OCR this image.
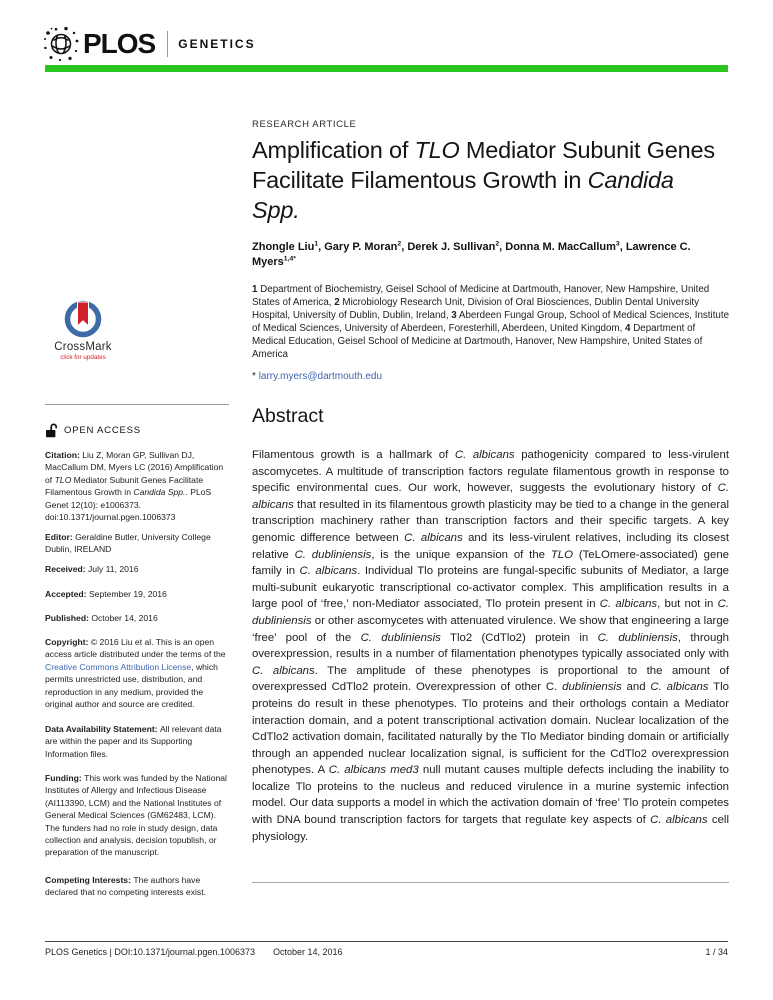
PLOS GENETICS
CrossMark
click for updates
OPEN ACCESS
Citation: Liu Z, Moran GP, Sullivan DJ, MacCallum DM, Myers LC (2016) Amplification of TLO Mediator Subunit Genes Facilitate Filamentous Growth in Candida Spp.. PLoS Genet 12(10): e1006373. doi:10.1371/journal.pgen.1006373
Editor: Geraldine Butler, University College Dublin, IRELAND
Received: July 11, 2016
Accepted: September 19, 2016
Published: October 14, 2016
Copyright: © 2016 Liu et al. This is an open access article distributed under the terms of the Creative Commons Attribution License, which permits unrestricted use, distribution, and reproduction in any medium, provided the original author and source are credited.
Data Availability Statement: All relevant data are within the paper and its Supporting Information files.
Funding: This work was funded by the National Institutes of Allergy and Infectious Disease (AI113390, LCM) and the National Institutes of General Medical Sciences (GM62483, LCM). The funders had no role in study design, data collection and analysis, decision topublish, or preparation of the manuscript.
Competing Interests: The authors have declared that no competing interests exist.
RESEARCH ARTICLE
Amplification of TLO Mediator Subunit Genes
Facilitate Filamentous Growth in Candida
Spp.
Zhongle Liu$^1$, Gary P. Moran$^2$, Derek J. Sullivan$^2$, Donna M. MacCallum$^3$, Lawrence C. Myers$^{1,4*}$
1 Department of Biochemistry, Geisel School of Medicine at Dartmouth, Hanover, New Hampshire, United States of America, 2 Microbiology Research Unit, Division of Oral Biosciences, Dublin Dental University Hospital, University of Dublin, Dublin, Ireland, 3 Aberdeen Fungal Group, School of Medical Sciences, Institute of Medical Sciences, University of Aberdeen, Foresterhill, Aberdeen, United Kingdom, 4 Department of Medical Education, Geisel School of Medicine at Dartmouth, Hanover, New Hampshire, United States of America
* larry.myers@dartmouth.edu
Abstract

Filamentous growth is a hallmark of C. albicans pathogenicity compared to less-virulent ascomycetes. A multitude of transcription factors regulate filamentous growth in response to specific environmental cues. Our work, however, suggests the evolutionary history of C. albicans that resulted in its filamentous growth plasticity may be tied to a change in the general transcription machinery rather than transcription factors and their specific targets. A key genomic difference between C. albicans and its less-virulent relatives, including its closest relative C. dubliniensis, is the unique expansion of the TLO (TeLOmere-associated) gene family in C. albicans. Individual Tlo proteins are fungal-specific subunits of Mediator, a large multi-subunit eukaryotic transcriptional co-activator complex. This amplification results in a large pool of ‘free,’ non-Mediator associated, Tlo protein present in C. albicans, but not in C. dubliniensis or other ascomycetes with attenuated virulence. We show that engineering a large ‘free’ pool of the C. dubliniensis Tlo2 (CdTlo2) protein in C. dubliniensis, through overexpression, results in a number of filamentation phenotypes typically associated only with C. albicans. The amplitude of these phenotypes is proportional to the amount of overexpressed CdTlo2 protein. Overexpression of other C. dubliniensis and C. albicans Tlo proteins do result in these phenotypes. Tlo proteins and their orthologs contain a Mediator interaction domain, and a potent transcriptional activation domain. Nuclear localization of the CdTlo2 activation domain, facilitated naturally by the Tlo Mediator binding domain or artificially through an appended nuclear localization signal, is sufficient for the CdTlo2 overexpression phenotypes. A C. albicans med3 null mutant causes multiple defects including the inability to localize Tlo proteins to the nucleus and reduced virulence in a murine systemic infection model. Our data supports a model in which the activation domain of ‘free’ Tlo protein competes with DNA bound transcription factors for targets that regulate key aspects of C. albicans cell physiology.

PLOS Genetics | DOI:10.1371/journal.pgen.1006373 October 14, 2016	1 / 34
